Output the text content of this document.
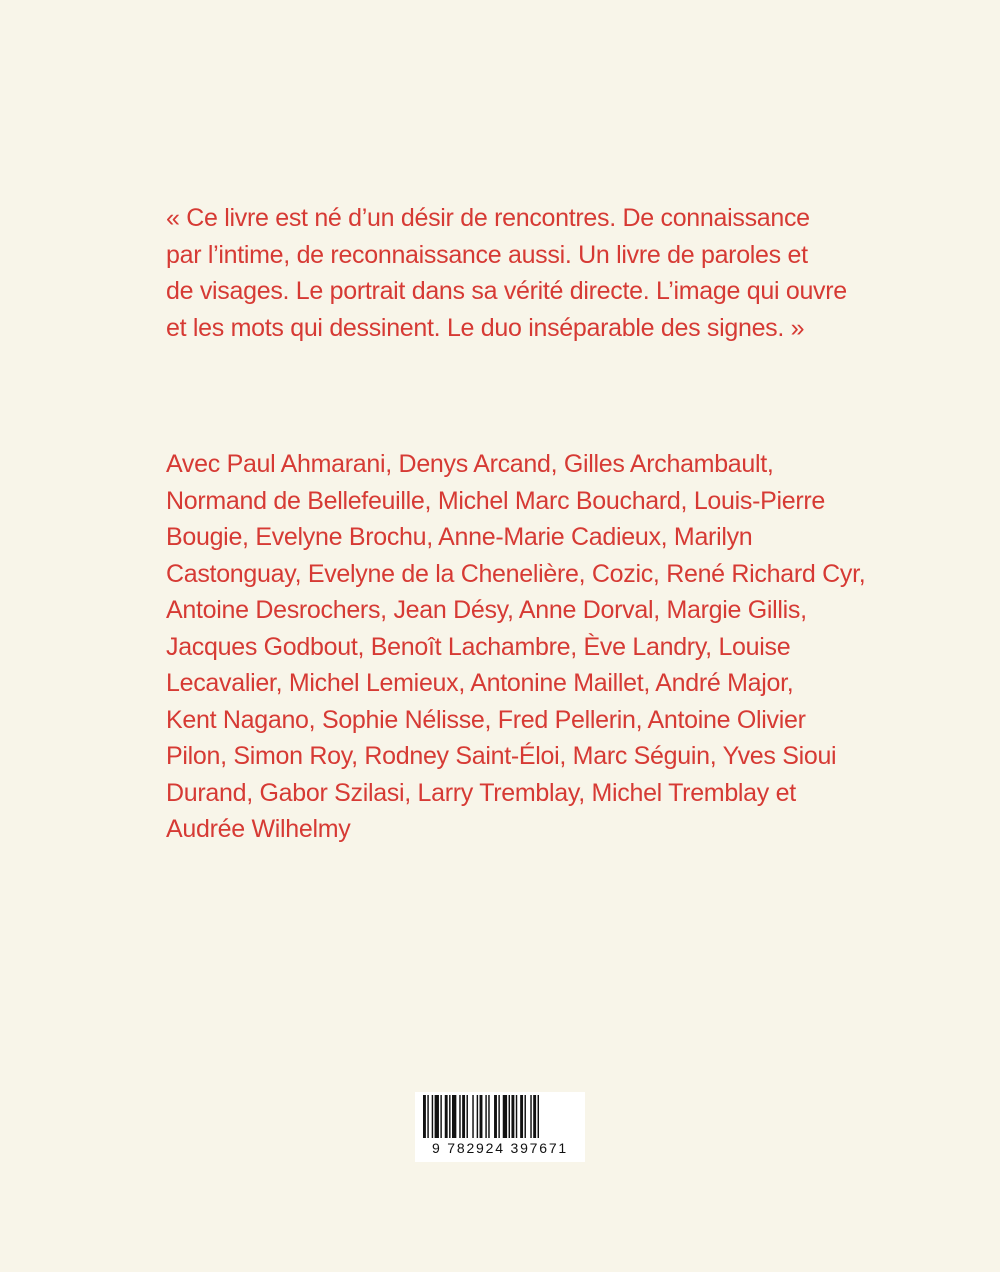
« Ce livre est né d’un désir de rencontres. De connaissance
par l’intime, de reconnaissance aussi. Un livre de paroles et
de visages. Le portrait dans sa vérité directe. L’image qui ouvre
et les mots qui dessinent. Le duo inséparable des signes. »
Avec Paul Ahmarani, Denys Arcand, Gilles Archambault,
Normand de Bellefeuille, Michel Marc Bouchard, Louis-Pierre
Bougie, Evelyne Brochu, Anne-Marie Cadieux, Marilyn
Castonguay, Evelyne de la Chenelière, Cozic, René Richard Cyr,
Antoine Desrochers, Jean Désy, Anne Dorval, Margie Gillis,
Jacques Godbout, Benoît Lachambre, Ève Landry, Louise
Lecavalier, Michel Lemieux, Antonine Maillet, André Major,
Kent Nagano, Sophie Nélisse, Fred Pellerin, Antoine Olivier
Pilon, Simon Roy, Rodney Saint-Éloi, Marc Séguin, Yves Sioui
Durand, Gabor Szilasi, Larry Tremblay, Michel Tremblay et
Audrée Wilhelmy
9 782924 397671
